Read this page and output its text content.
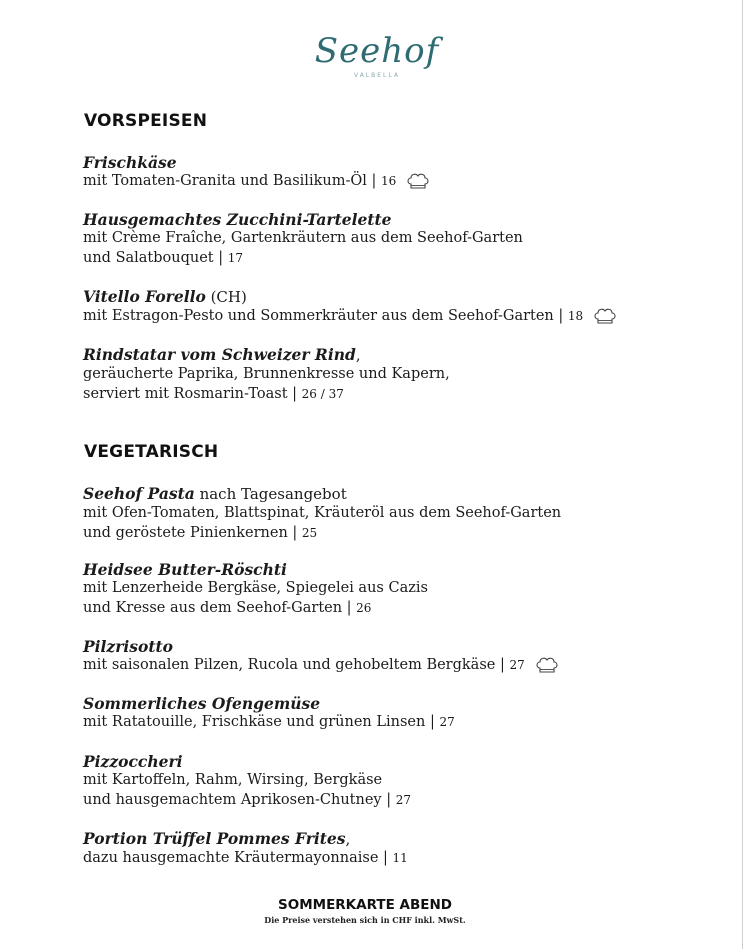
Seehof
VALBELLA
VORSPEISEN
Frischkäse
mit Tomaten-Granita und Basilikum-Öl | 16
Hausgemachtes Zucchini-Tartelette
mit Crème Fraîche, Gartenkräutern aus dem Seehof-Garten
und Salatbouquet | 17
Vitello Forello (CH)
mit Estragon-Pesto und Sommerkräuter aus dem Seehof-Garten | 18
Rindstatar vom Schweizer Rind,
geräucherte Paprika, Brunnenkresse und Kapern,
serviert mit Rosmarin-Toast | 26 / 37
VEGETARISCH
Seehof Pasta nach Tagesangebot
mit Ofen-Tomaten, Blattspinat, Kräuteröl aus dem Seehof-Garten
und geröstete Pinienkernen | 25
Heidsee Butter-Röschti
mit Lenzerheide Bergkäse, Spiegelei aus Cazis
und Kresse aus dem Seehof-Garten | 26
Pilzrisotto
mit saisonalen Pilzen, Rucola und gehobeltem Bergkäse | 27
Sommerliches Ofengemüse
mit Ratatouille, Frischkäse und grünen Linsen | 27
Pizzoccheri
mit Kartoffeln, Rahm, Wirsing, Bergkäse
und hausgemachtem Aprikosen-Chutney | 27
Portion Trüffel Pommes Frites,
dazu hausgemachte Kräutermayonnaise | 11
SOMMERKARTE ABEND
Die Preise verstehen sich in CHF inkl. MwSt.
